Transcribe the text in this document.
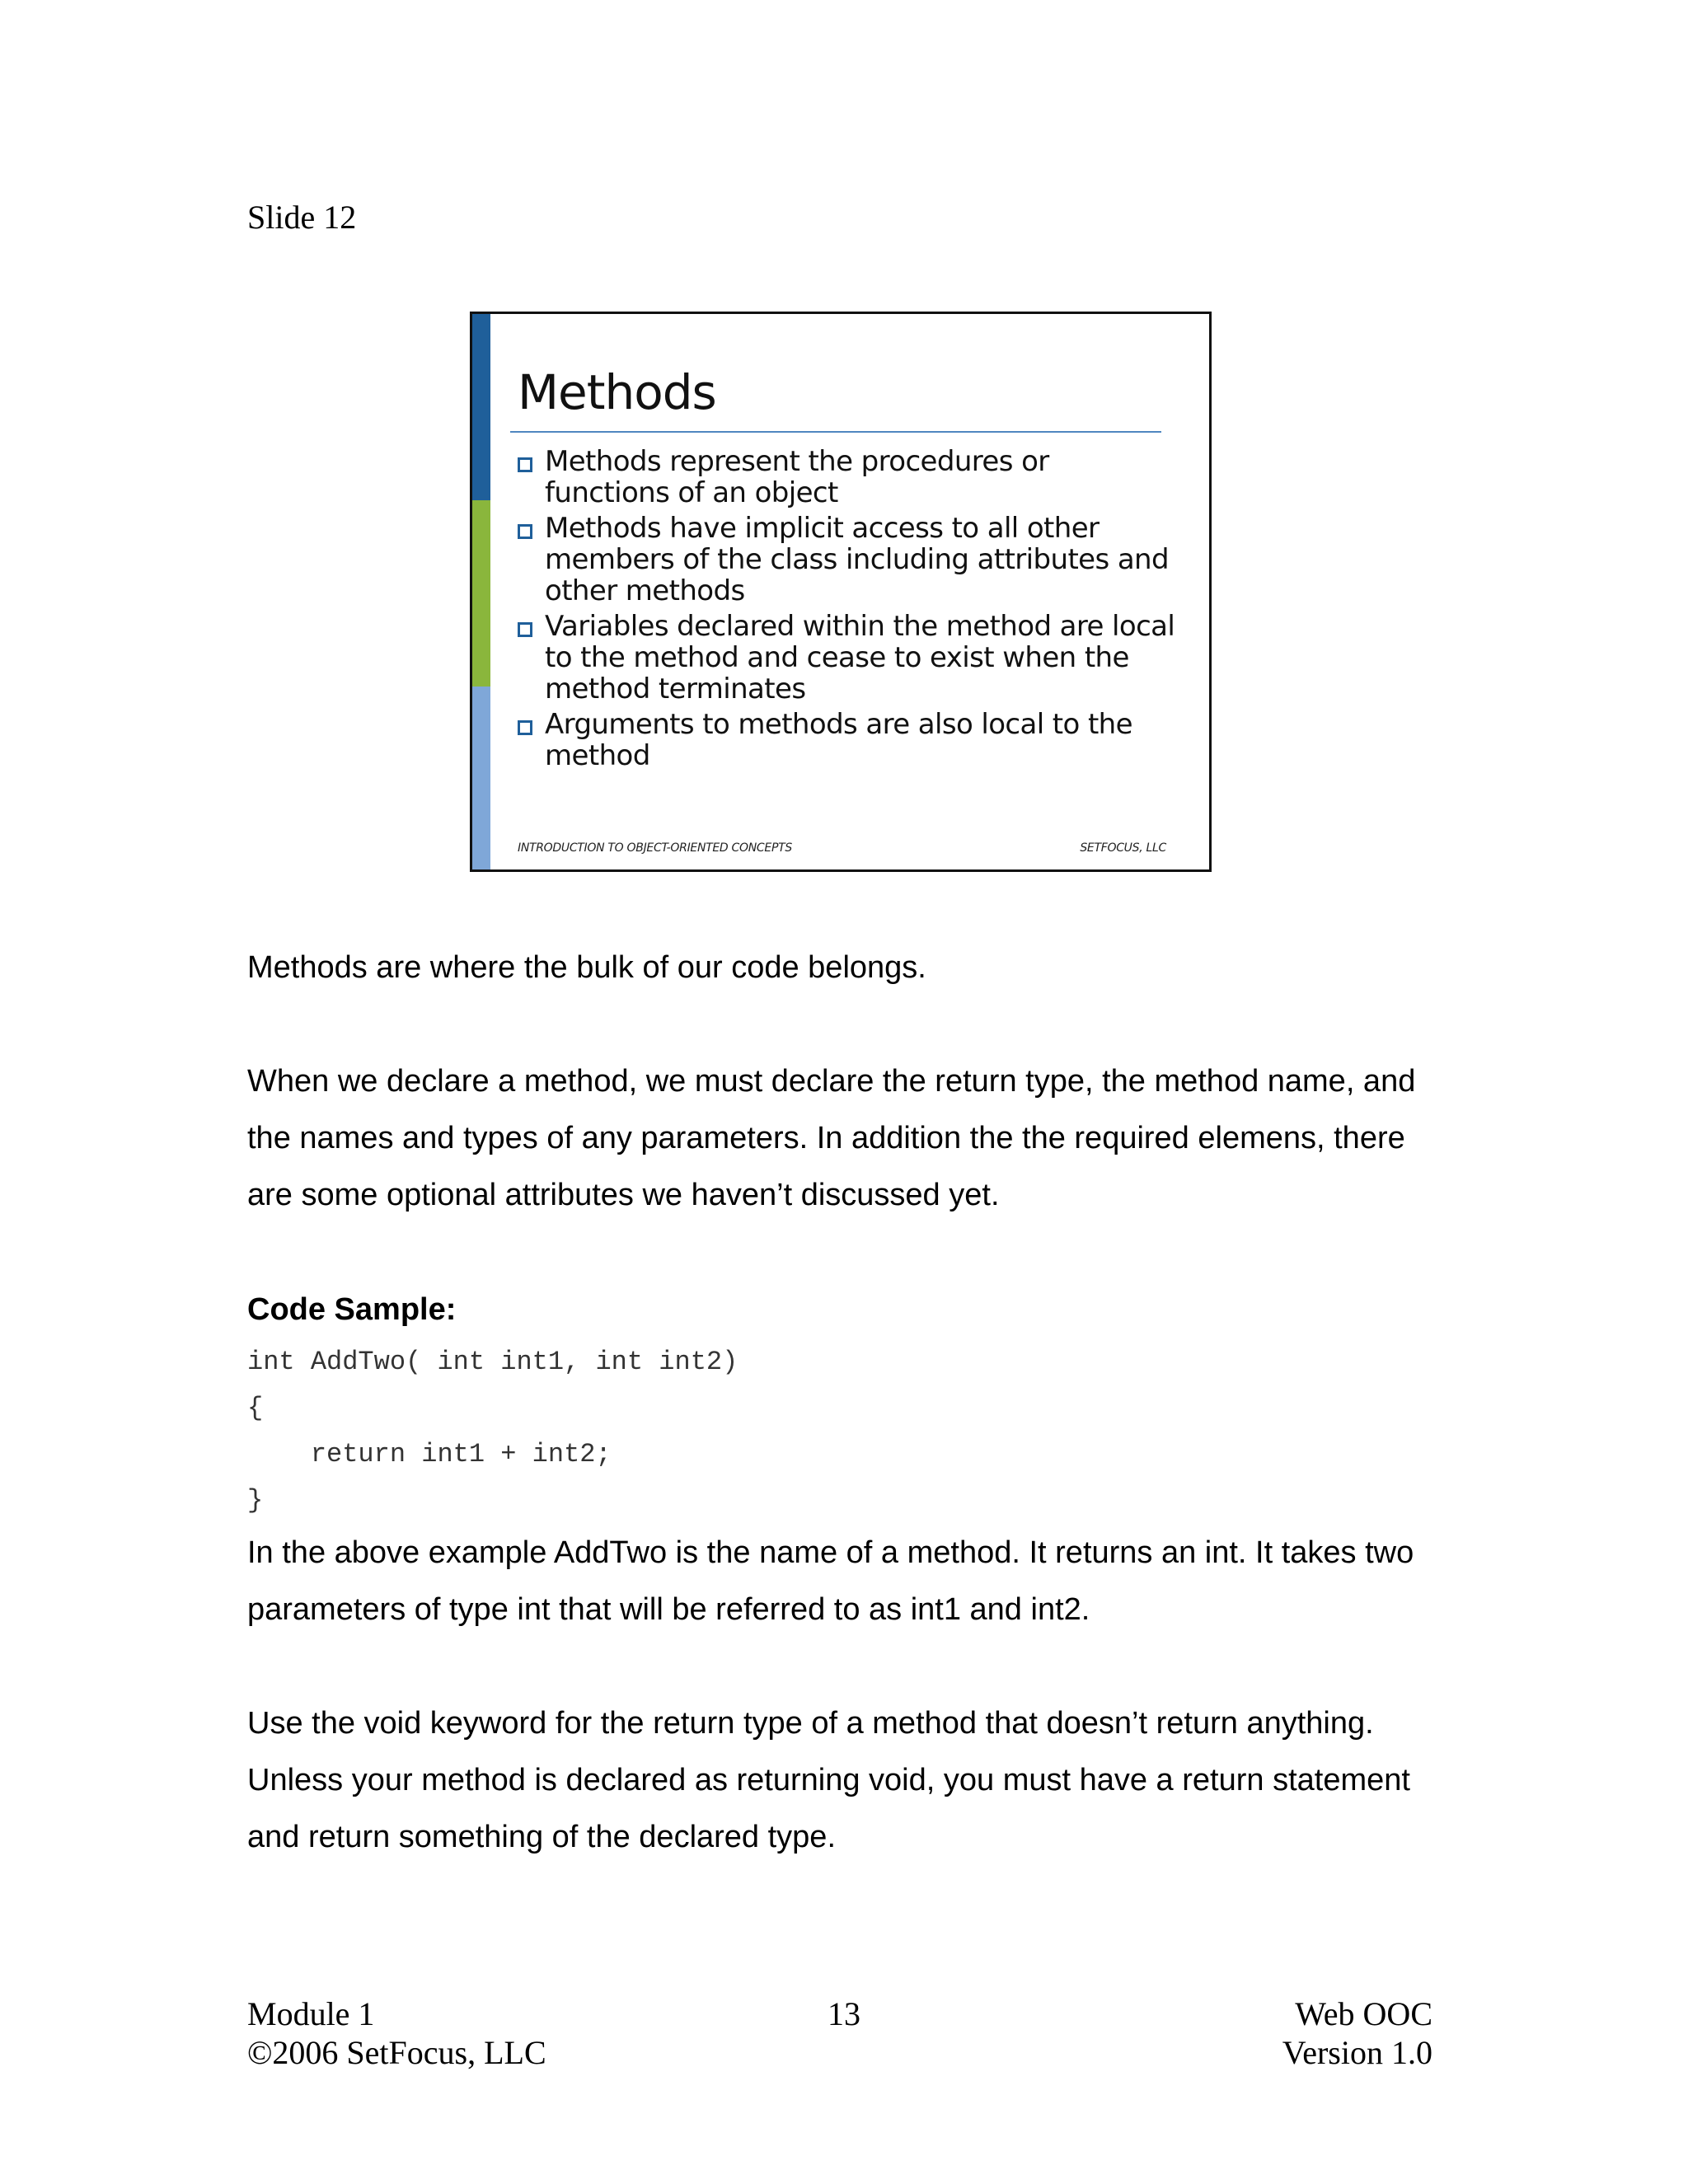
Slide 12
Methods
Methods represent the procedures or functions of an object
Methods have implicit access to all other members of the class including attributes and other methods
Variables declared within the method are local to the method and cease to exist when the method terminates
Arguments to methods are also local to the method
INTRODUCTION TO OBJECT-ORIENTED CONCEPTS	SETFOCUS, LLC

Methods are where the bulk of our code belongs.

When we declare a method, we must declare the return type, the method name, and the names and types of any parameters. In addition the the required elemens, there are some optional attributes we haven’t discussed yet.

Code Sample:
int AddTwo( int int1, int int2)
{
return int1 + int2;
}

In the above example AddTwo is the name of a method. It returns an int. It takes two parameters of type int that will be referred to as int1 and int2.

Use the void keyword for the return type of a method that doesn’t return anything. Unless your method is declared as returning void, you must have a return statement and return something of the declared type.

13
Module 1
©2006 SetFocus, LLC
Web OOC
Version 1.0
